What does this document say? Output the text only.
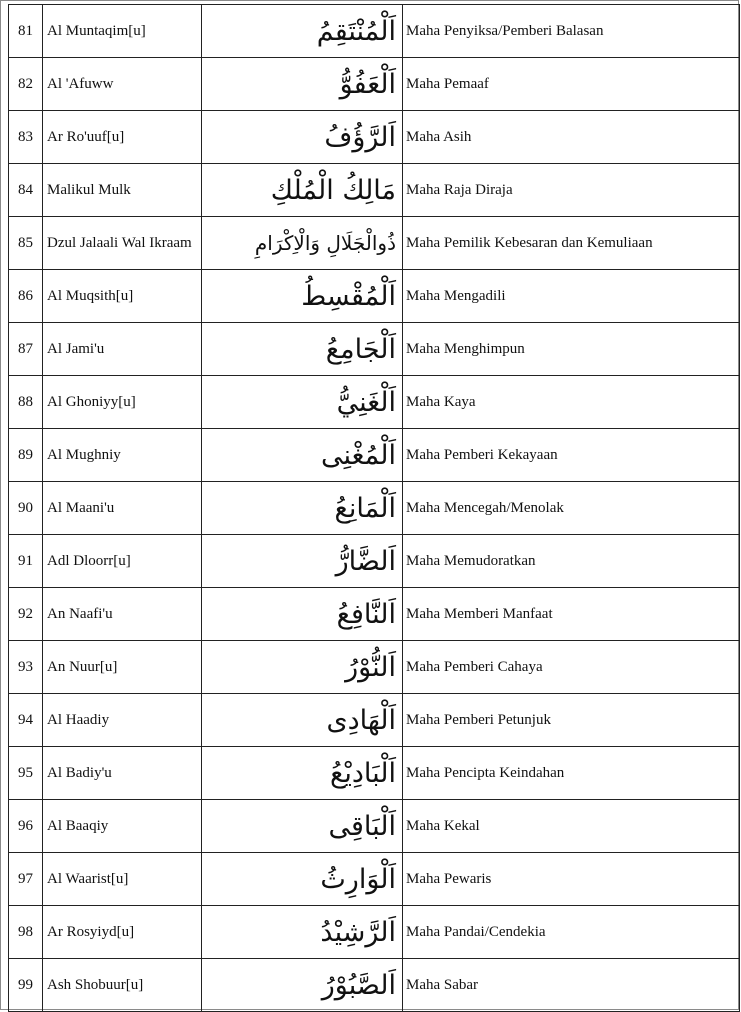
81	Al Muntaqim[u]	اَلْمُنْتَقِمُ	Maha Penyiksa/Pemberi Balasan
82	Al 'Afuww	اَلْعَفُوُّ	Maha Pemaaf
83	Ar Ro'uuf[u]	اَلرَّؤُفُ	Maha Asih
84	Malikul Mulk	مَالِكُ الْمُلْكِ	Maha Raja Diraja
85	Dzul Jalaali Wal Ikraam	ذُوالْجَلَالِ وَالْاِكْرَامِ	Maha Pemilik Kebesaran dan Kemuliaan
86	Al Muqsith[u]	اَلْمُقْسِطُ	Maha Mengadili
87	Al Jami'u	اَلْجَامِعُ	Maha Menghimpun
88	Al Ghoniyy[u]	اَلْغَنِيُّ	Maha Kaya
89	Al Mughniy	اَلْمُغْنِى	Maha Pemberi Kekayaan
90	Al Maani'u	اَلْمَانِعُ	Maha Mencegah/Menolak
91	Adl Dloorr[u]	اَلضَّارُّ	Maha Memudoratkan
92	An Naafi'u	اَلنَّافِعُ	Maha Memberi Manfaat
93	An Nuur[u]	اَلنُّوْرُ	Maha Pemberi Cahaya
94	Al Haadiy	اَلْهَادِى	Maha Pemberi Petunjuk
95	Al Badiy'u	اَلْبَادِيْعُ	Maha Pencipta Keindahan
96	Al Baaqiy	اَلْبَاقِى	Maha Kekal
97	Al Waarist[u]	اَلْوَارِثُ	Maha Pewaris
98	Ar Rosyiyd[u]	اَلرَّشِيْدُ	Maha Pandai/Cendekia
99	Ash Shobuur[u]	اَلصَّبُوْرُ	Maha Sabar
